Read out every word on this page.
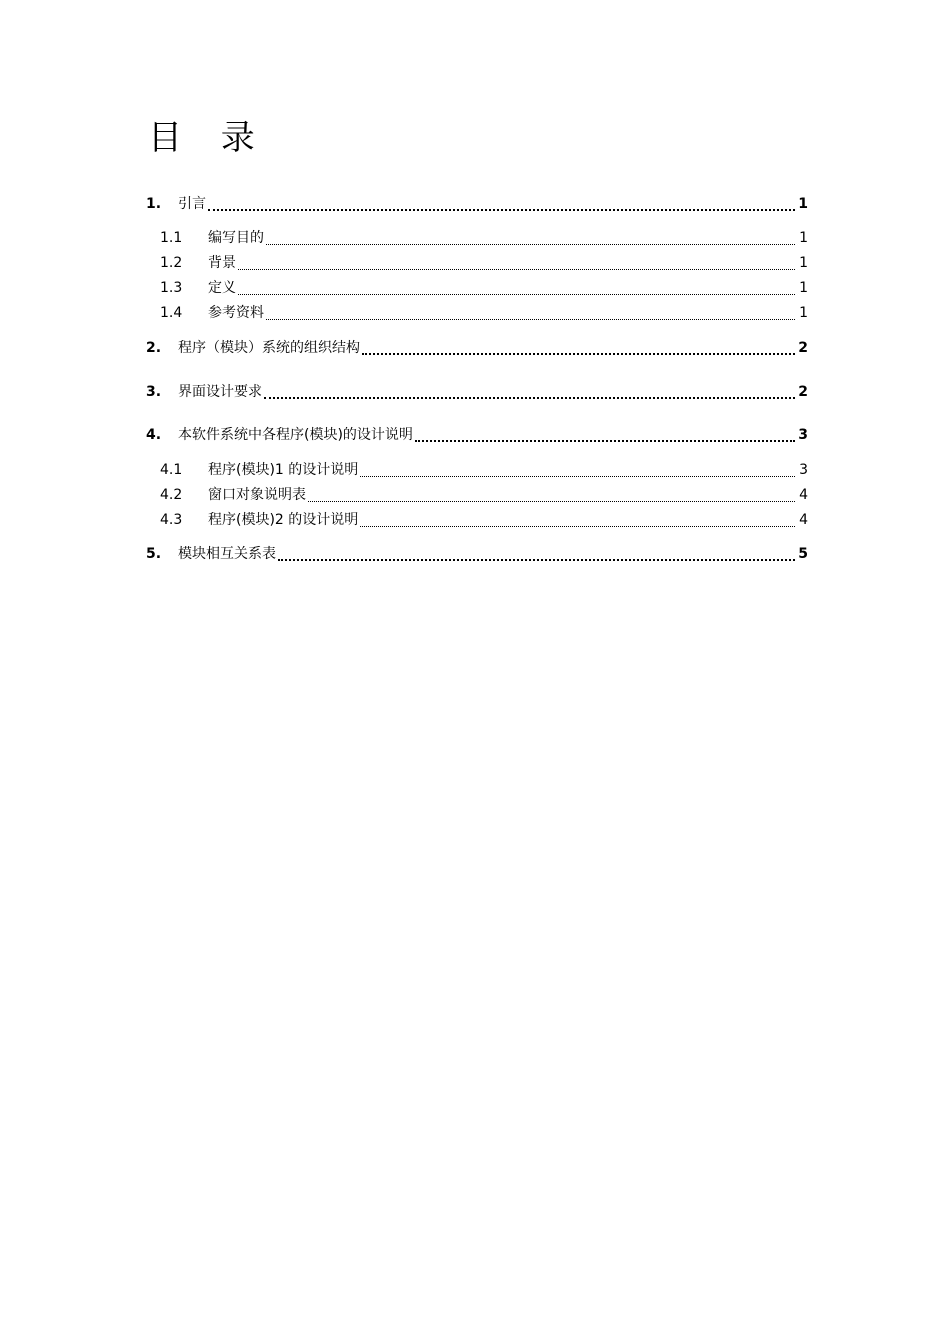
目 录
1.	引言	1
1.1	编写目的	1
1.2	背景	1
1.3	定义	1
1.4	参考资料	1
2.	程序（模块）系统的组织结构	2
3.	界面设计要求	2
4.	本软件系统中各程序(模块)的设计说明	3
4.1	程序(模块)1 的设计说明	3
4.2	窗口对象说明表	4
4.3	程序(模块)2 的设计说明	4
5.	模块相互关系表	5
